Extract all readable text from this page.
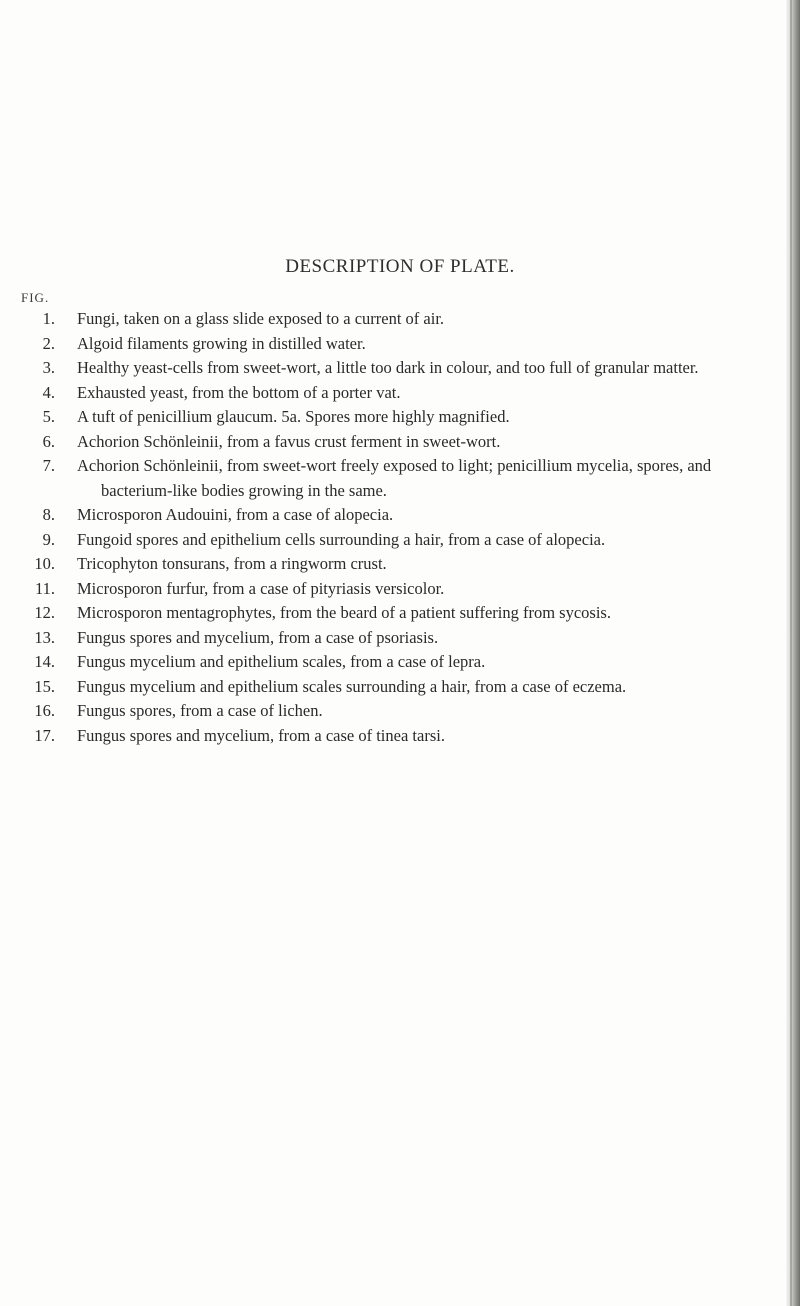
DESCRIPTION OF PLATE.
FIG.
1. Fungi, taken on a glass slide exposed to a current of air.
2. Algoid filaments growing in distilled water.
3. Healthy yeast-cells from sweet-wort, a little too dark in colour, and too full of granular matter.
4. Exhausted yeast, from the bottom of a porter vat.
5. A tuft of penicillium glaucum. 5a. Spores more highly magnified.
6. Achorion Schönleinii, from a favus crust ferment in sweet-wort.
7. Achorion Schönleinii, from sweet-wort freely exposed to light; penicillium mycelia, spores, and bacterium-like bodies growing in the same.
8. Microsporon Audouini, from a case of alopecia.
9. Fungoid spores and epithelium cells surrounding a hair, from a case of alopecia.
10. Tricophyton tonsurans, from a ringworm crust.
11. Microsporon furfur, from a case of pityriasis versicolor.
12. Microsporon mentagrophytes, from the beard of a patient suffering from sycosis.
13. Fungus spores and mycelium, from a case of psoriasis.
14. Fungus mycelium and epithelium scales, from a case of lepra.
15. Fungus mycelium and epithelium scales surrounding a hair, from a case of eczema.
16. Fungus spores, from a case of lichen.
17. Fungus spores and mycelium, from a case of tinea tarsi.
